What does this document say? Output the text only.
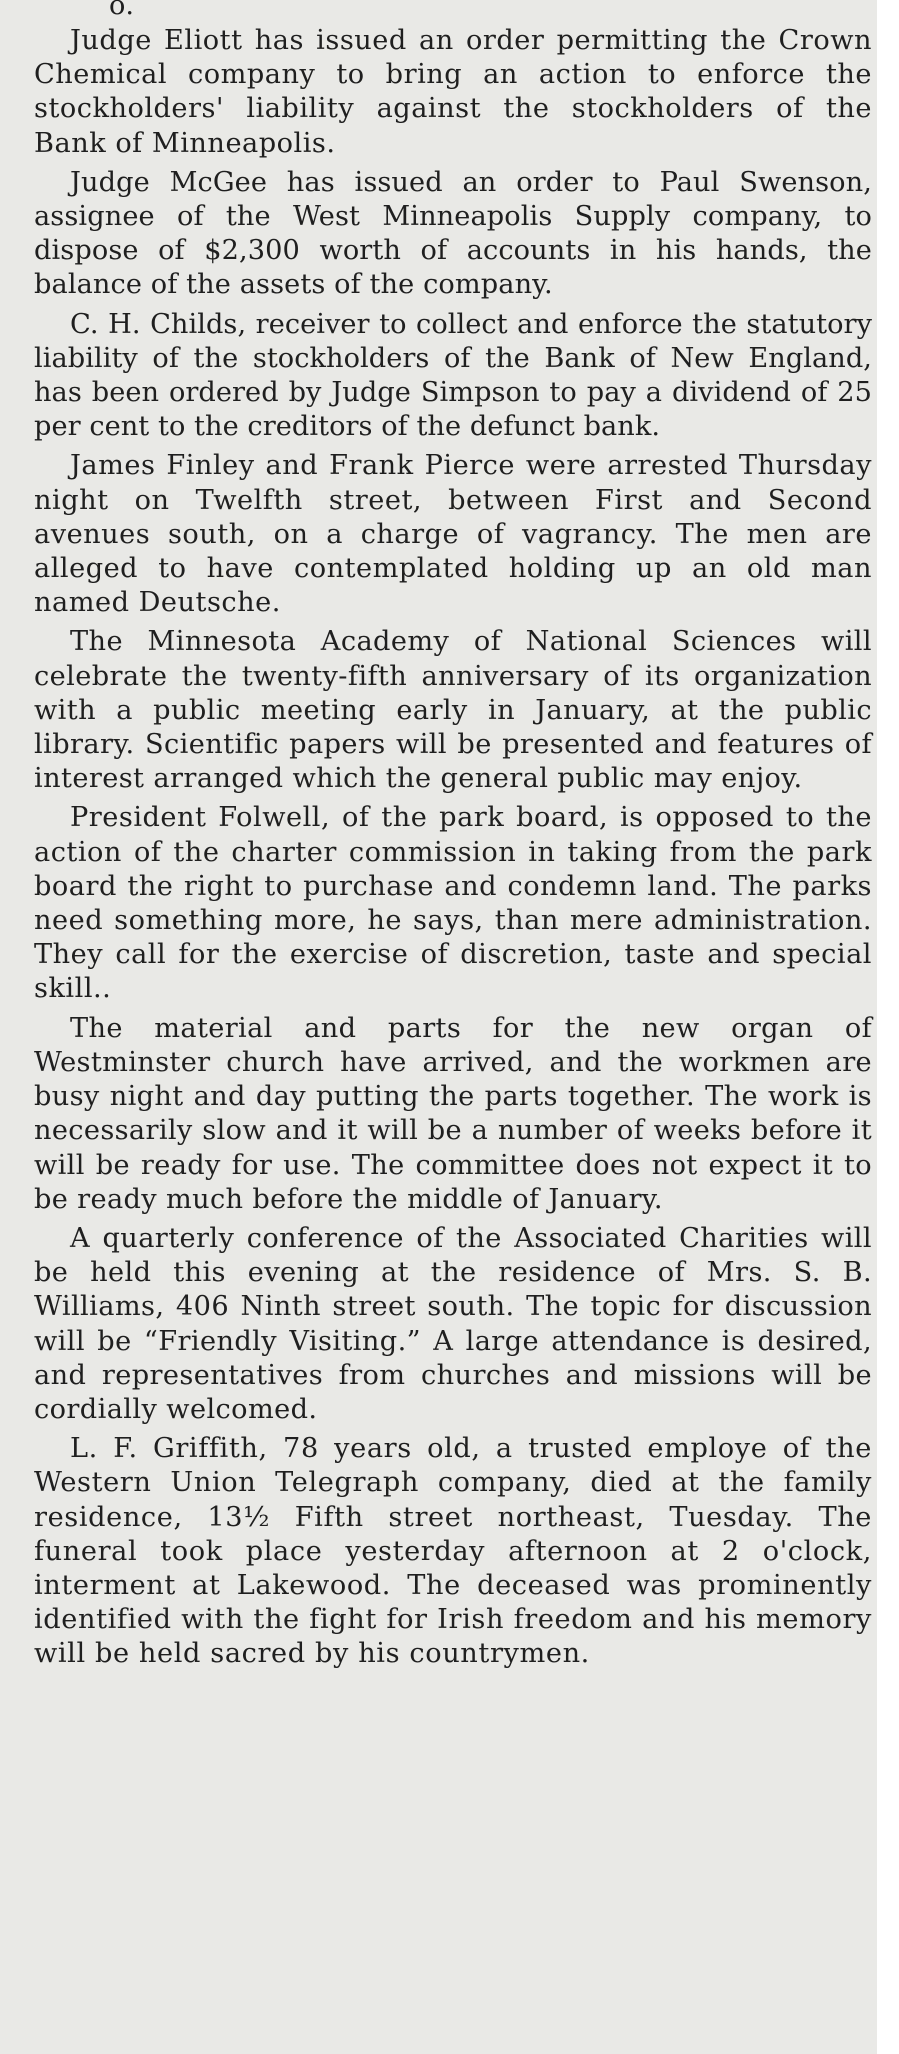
o.

Judge Eliott has issued an order permitting the Crown Chemical company to bring an action to enforce the stockholders' liability against the stockholders of the Bank of Minneapolis.

Judge McGee has issued an order to Paul Swenson, assignee of the West Minneapolis Supply company, to dispose of $2,300 worth of accounts in his hands, the balance of the assets of the company.

C. H. Childs, receiver to collect and enforce the statutory liability of the stockholders of the Bank of New England, has been ordered by Judge Simpson to pay a dividend of 25 per cent to the creditors of the defunct bank.

James Finley and Frank Pierce were arrested Thursday night on Twelfth street, between First and Second avenues south, on a charge of vagrancy. The men are alleged to have contemplated holding up an old man named Deutsche.

The Minnesota Academy of National Sciences will celebrate the twenty-fifth anniversary of its organization with a public meeting early in January, at the public library. Scientific papers will be presented and features of interest arranged which the general public may enjoy.

President Folwell, of the park board, is opposed to the action of the charter commission in taking from the park board the right to purchase and condemn land. The parks need something more, he says, than mere administration. They call for the exercise of discretion, taste and special skill..

The material and parts for the new organ of Westminster church have arrived, and the workmen are busy night and day putting the parts together. The work is necessarily slow and it will be a number of weeks before it will be ready for use. The committee does not expect it to be ready much before the middle of January.

A quarterly conference of the Associated Charities will be held this evening at the residence of Mrs. S. B. Williams, 406 Ninth street south. The topic for discussion will be “Friendly Visiting.” A large attendance is desired, and representatives from churches and missions will be cordially welcomed.

L. F. Griffith, 78 years old, a trusted employe of the Western Union Telegraph company, died at the family residence, 13½ Fifth street northeast, Tuesday. The funeral took place yesterday afternoon at 2 o'clock, interment at Lakewood. The deceased was prominently identified with the fight for Irish freedom and his memory will be held sacred by his countrymen.
